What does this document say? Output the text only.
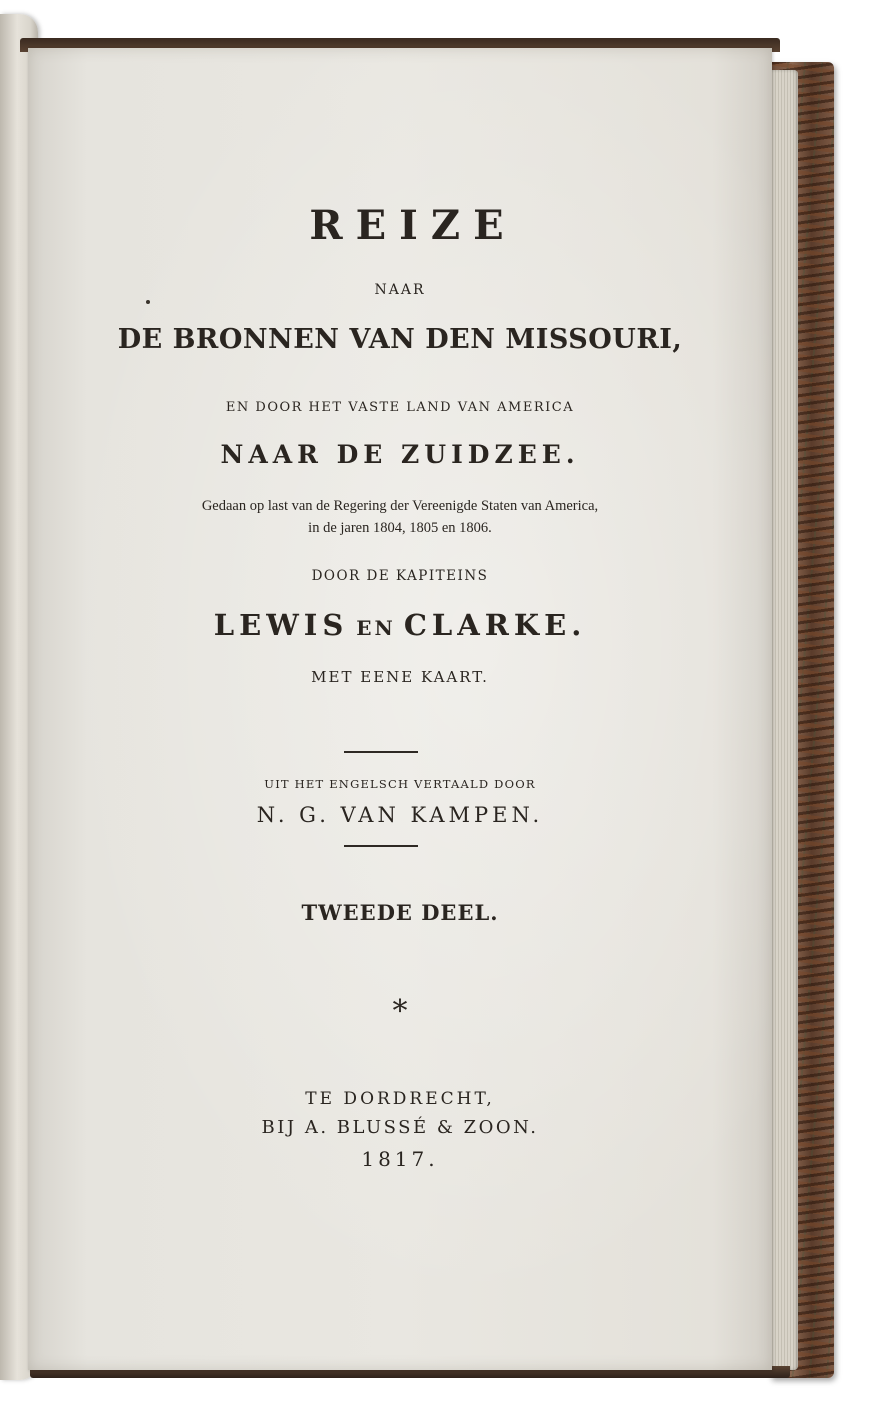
REIZE
NAAR
DE BRONNEN VAN DEN MISSOURI,
EN DOOR HET VASTE LAND VAN AMERICA
NAAR DE ZUIDZEE.
Gedaan op last van de Regering der Vereenigde Staten van America,
in de jaren 1804, 1805 en 1806.
DOOR DE KAPITEINS
LEWIS EN CLARKE.
MET EENE KAART.
UIT HET ENGELSCH VERTAALD DOOR
N. G. VAN KAMPEN.
TWEEDE DEEL.
*
TE DORDRECHT,
BIJ A. BLUSSÉ & ZOON.
1817.
